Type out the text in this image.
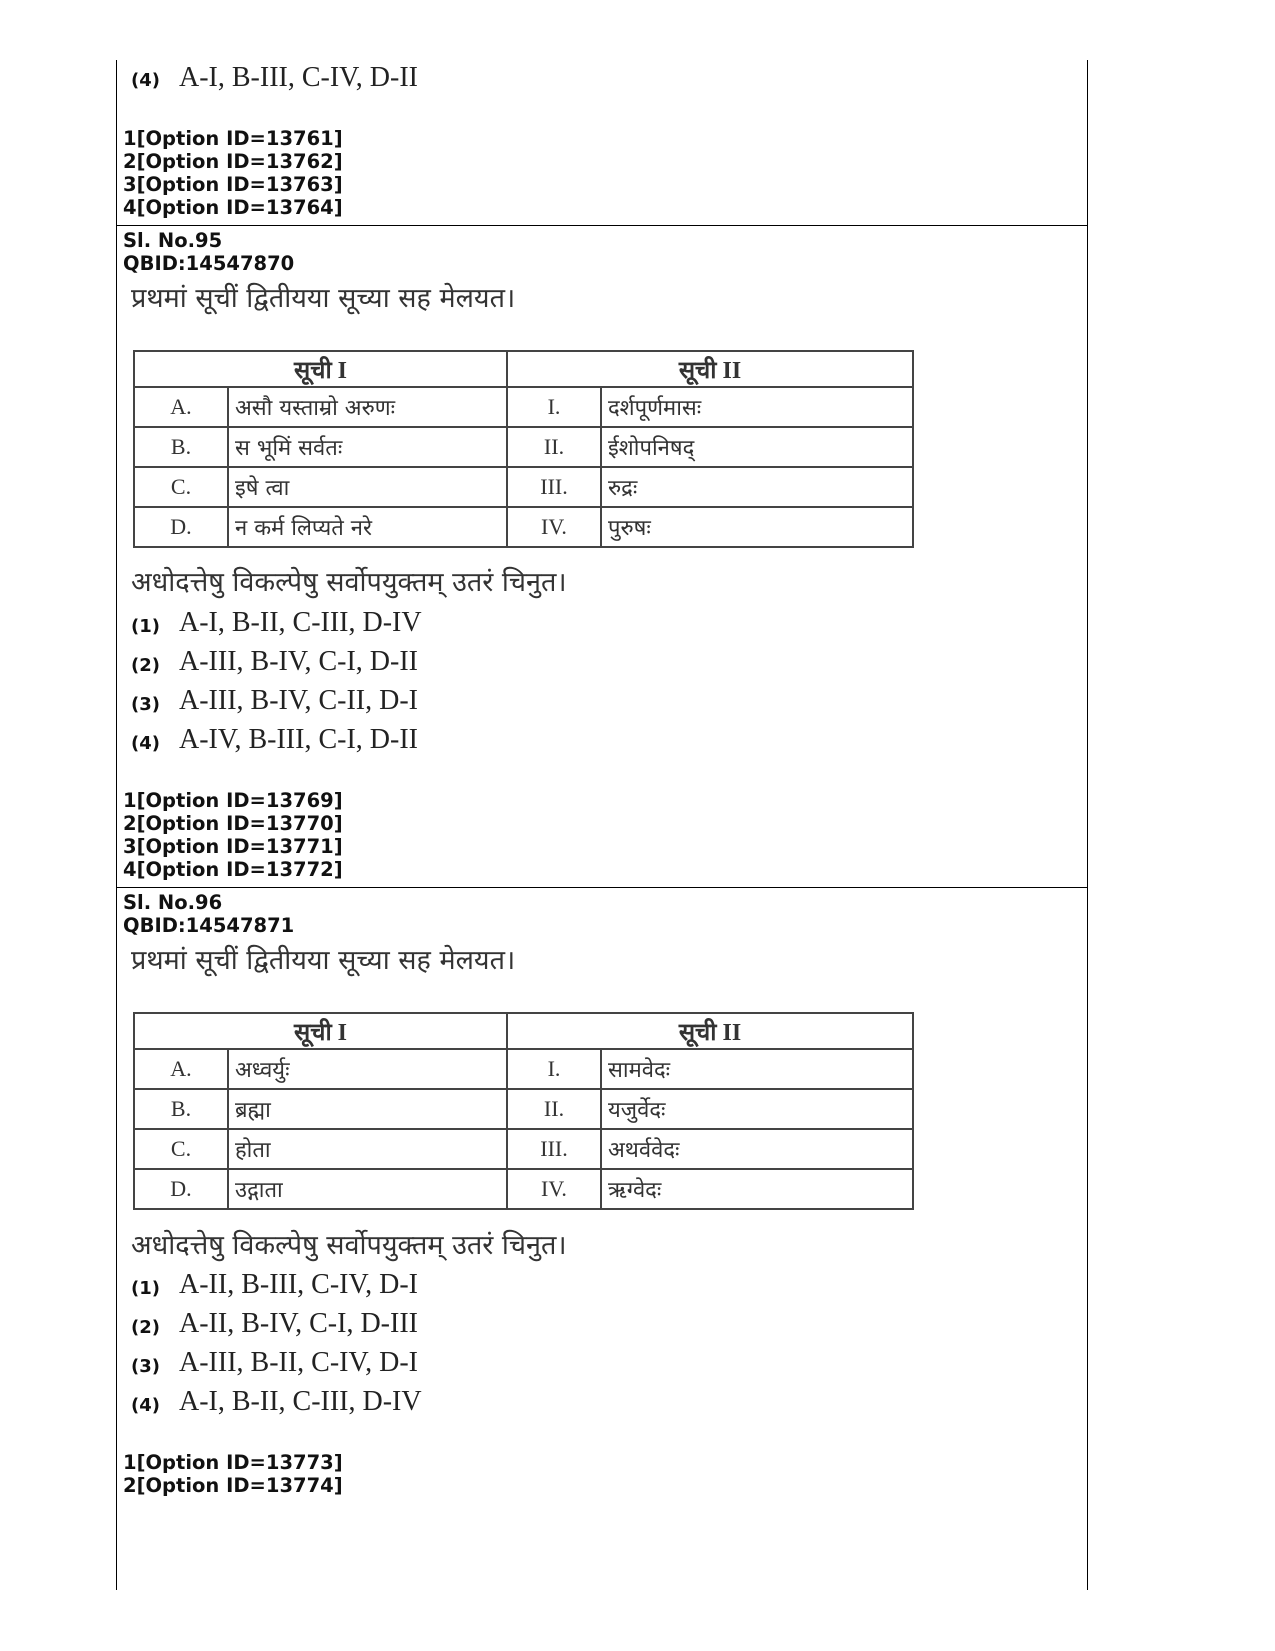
(4) A-I, B-III, C-IV, D-II
1[Option ID=13761]
2[Option ID=13762]
3[Option ID=13763]
4[Option ID=13764]
Sl. No.95
QBID:14547870
प्रथमां सूचीं द्वितीयया सूच्या सह मेलयत।
सूची I		सूची II	
A.	असौ यस्ताम्रो अरुणः	I.	दर्शपूर्णमासः
B.	स भूमिं सर्वतः	II.	ईशोपनिषद्
C.	इषे त्वा	III.	रुद्रः
D.	न कर्म लिप्यते नरे	IV.	पुरुषः
अधोदत्तेषु विकल्पेषु सर्वोपयुक्तम् उतरं चिनुत।
(1) A-I, B-II, C-III, D-IV
(2) A-III, B-IV, C-I, D-II
(3) A-III, B-IV, C-II, D-I
(4) A-IV, B-III, C-I, D-II
1[Option ID=13769]
2[Option ID=13770]
3[Option ID=13771]
4[Option ID=13772]
Sl. No.96
QBID:14547871
प्रथमां सूचीं द्वितीयया सूच्या सह मेलयत।
सूची I		सूची II	
A.	अध्वर्युः	I.	सामवेदः
B.	ब्रह्मा	II.	यजुर्वेदः
C.	होता	III.	अथर्ववेदः
D.	उद्गाता	IV.	ऋग्वेदः
अधोदत्तेषु विकल्पेषु सर्वोपयुक्तम् उतरं चिनुत।
(1) A-II, B-III, C-IV, D-I
(2) A-II, B-IV, C-I, D-III
(3) A-III, B-II, C-IV, D-I
(4) A-I, B-II, C-III, D-IV
1[Option ID=13773]
2[Option ID=13774]
